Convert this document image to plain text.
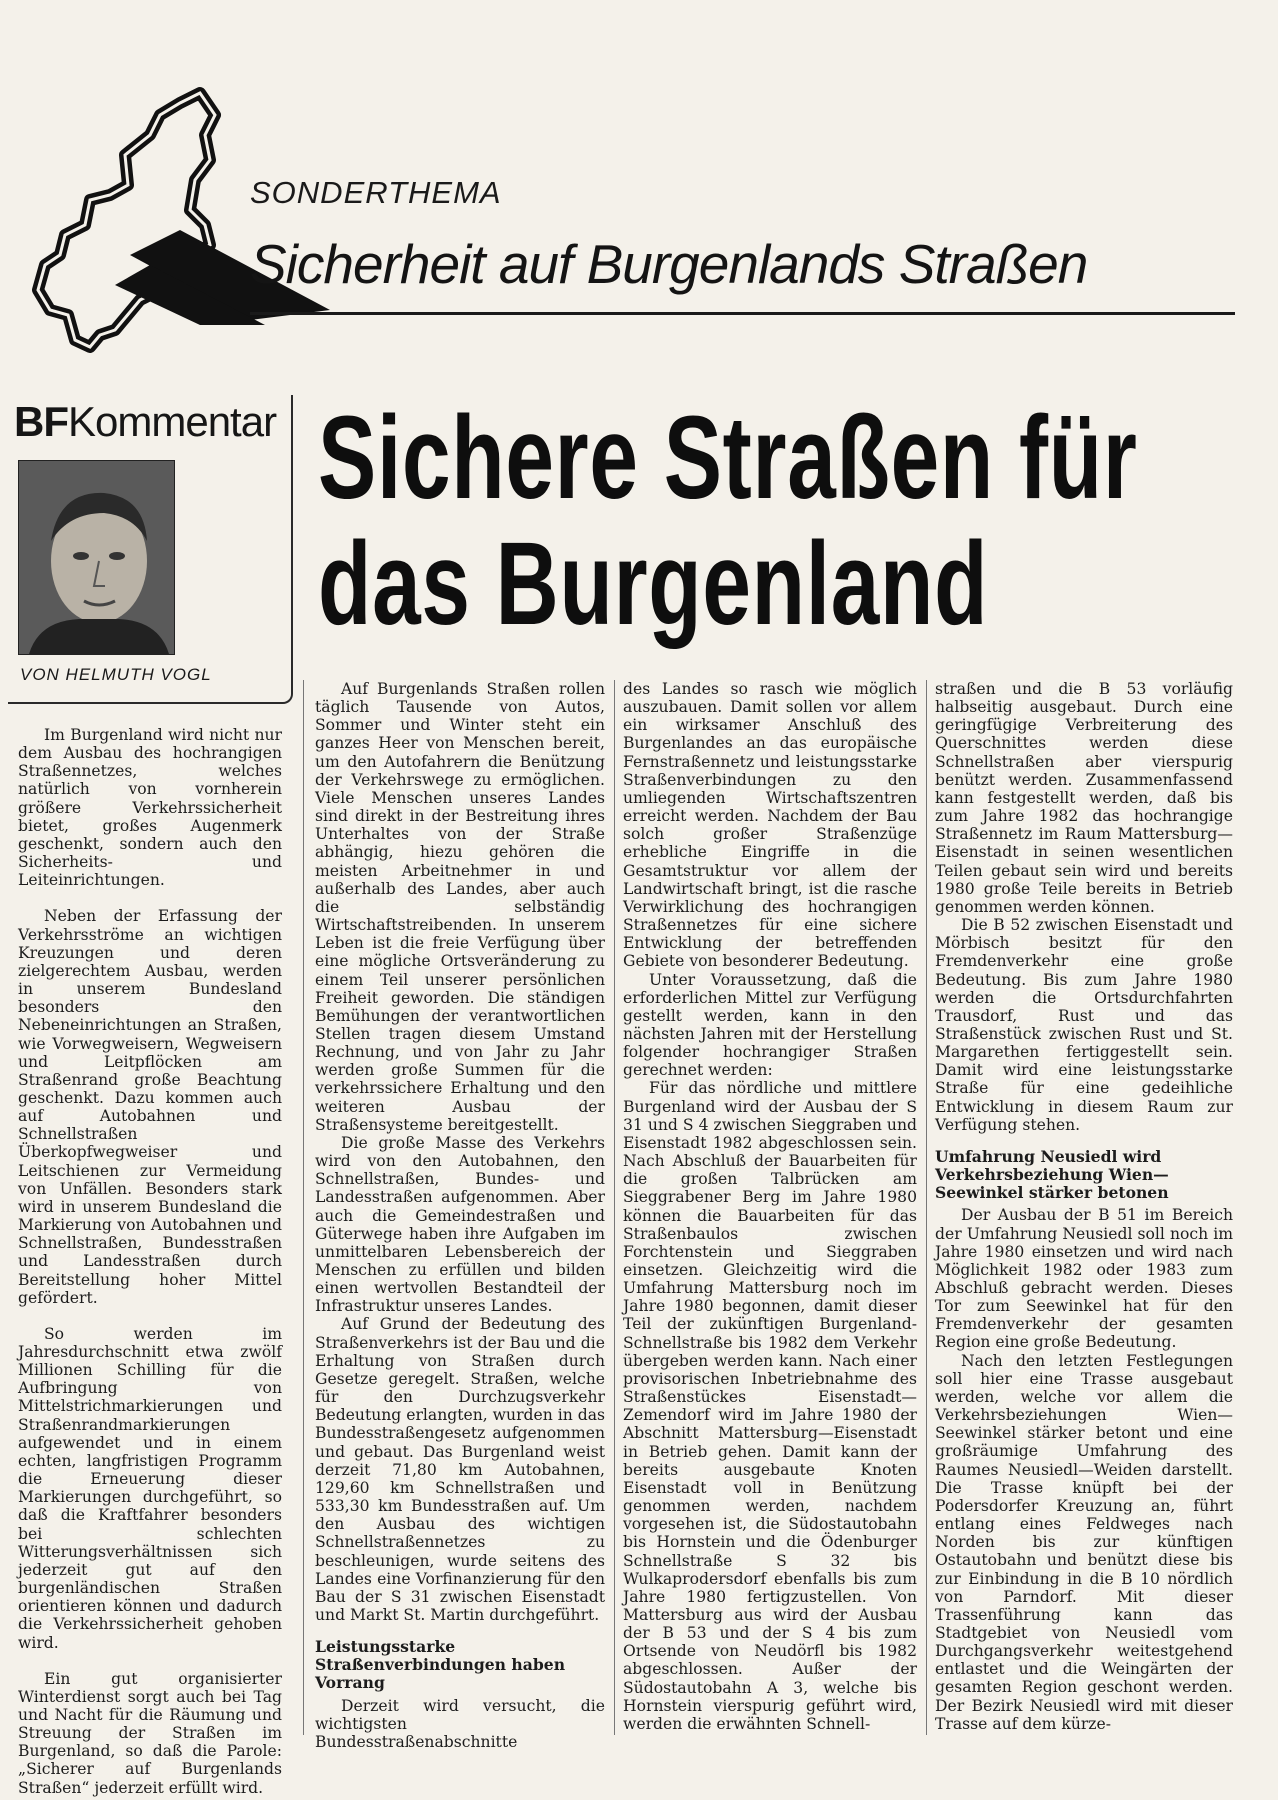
SONDERTHEMA
Sicherheit auf Burgenlands Straßen
BFKommentar
VON HELMUTH VOGL
Sichere Straßen für
das Burgenland

Im Burgenland wird nicht nur dem Ausbau des hochrangigen Straßennetzes, welches natürlich von vornherein größere Verkehrssicherheit bietet, großes Augenmerk geschenkt, sondern auch den Sicherheits- und Leiteinrichtungen.

Neben der Erfassung der Verkehrsströme an wichtigen Kreuzungen und deren zielgerechtem Ausbau, werden in unserem Bundesland besonders den Nebeneinrichtungen an Straßen, wie Vorwegweisern, Wegweisern und Leitpflöcken am Straßenrand große Beachtung geschenkt. Dazu kommen auch auf Autobahnen und Schnellstraßen Überkopfwegweiser und Leitschienen zur Vermeidung von Unfällen. Besonders stark wird in unserem Bundesland die Markierung von Autobahnen und Schnellstraßen, Bundesstraßen und Landesstraßen durch Bereitstellung hoher Mittel gefördert.

So werden im Jahresdurchschnitt etwa zwölf Millionen Schilling für die Aufbringung von Mittelstrichmarkierungen und Straßenrandmarkierungen aufgewendet und in einem echten, langfristigen Programm die Erneuerung dieser Markierungen durchgeführt, so daß die Kraftfahrer besonders bei schlechten Witterungsverhältnissen sich jederzeit gut auf den burgenländischen Straßen orientieren können und dadurch die Verkehrssicherheit gehoben wird.

Ein gut organisierter Winterdienst sorgt auch bei Tag und Nacht für die Räumung und Streuung der Straßen im Burgenland, so daß die Parole: „Sicherer auf Burgenlands Straßen“ jederzeit erfüllt wird.

Auf Burgenlands Straßen rollen täglich Tausende von Autos, Sommer und Winter steht ein ganzes Heer von Menschen bereit, um den Autofahrern die Benützung der Verkehrswege zu ermöglichen. Viele Menschen unseres Landes sind direkt in der Bestreitung ihres Unterhaltes von der Straße abhängig, hiezu gehören die meisten Arbeitnehmer in und außerhalb des Landes, aber auch die selbständig Wirtschaftstreibenden. In unserem Leben ist die freie Verfügung über eine mögliche Ortsveränderung zu einem Teil unserer persönlichen Freiheit geworden. Die ständigen Bemühungen der verantwortlichen Stellen tragen diesem Umstand Rechnung, und von Jahr zu Jahr werden große Summen für die verkehrssichere Erhaltung und den weiteren Ausbau der Straßensysteme bereitgestellt.

Die große Masse des Verkehrs wird von den Autobahnen, den Schnellstraßen, Bundes- und Landesstraßen aufgenommen. Aber auch die Gemeindestraßen und Güterwege haben ihre Aufgaben im unmittelbaren Lebensbereich der Menschen zu erfüllen und bilden einen wertvollen Bestandteil der Infrastruktur unseres Landes.

Auf Grund der Bedeutung des Straßenverkehrs ist der Bau und die Erhaltung von Straßen durch Gesetze geregelt. Straßen, welche für den Durchzugsverkehr Bedeutung erlangten, wurden in das Bundesstraßengesetz aufgenommen und gebaut. Das Burgenland weist derzeit 71,80 km Autobahnen, 129,60 km Schnellstraßen und 533,30 km Bundesstraßen auf. Um den Ausbau des wichtigen Schnellstraßennetzes zu beschleunigen, wurde seitens des Landes eine Vorfinanzierung für den Bau der S 31 zwischen Eisenstadt und Markt St. Martin durchgeführt.

Leistungsstarke Straßenverbindungen haben Vorrang

Derzeit wird versucht, die wichtigsten Bundesstraßenabschnitte

des Landes so rasch wie möglich auszubauen. Damit sollen vor allem ein wirksamer Anschluß des Burgenlandes an das europäische Fernstraßennetz und leistungsstarke Straßenverbindungen zu den umliegenden Wirtschaftszentren erreicht werden. Nachdem der Bau solch großer Straßenzüge erhebliche Eingriffe in die Gesamtstruktur vor allem der Landwirtschaft bringt, ist die rasche Verwirklichung des hochrangigen Straßennetzes für eine sichere Entwicklung der betreffenden Gebiete von besonderer Bedeutung.

Unter Voraussetzung, daß die erforderlichen Mittel zur Verfügung gestellt werden, kann in den nächsten Jahren mit der Herstellung folgender hochrangiger Straßen gerechnet werden:

Für das nördliche und mittlere Burgenland wird der Ausbau der S 31 und S 4 zwischen Sieggraben und Eisenstadt 1982 abgeschlossen sein. Nach Abschluß der Bauarbeiten für die großen Talbrücken am Sieggrabener Berg im Jahre 1980 können die Bauarbeiten für das Straßenbaulos zwischen Forchtenstein und Sieggraben einsetzen. Gleichzeitig wird die Umfahrung Mattersburg noch im Jahre 1980 begonnen, damit dieser Teil der zukünftigen Burgenland-Schnellstraße bis 1982 dem Verkehr übergeben werden kann. Nach einer provisorischen Inbetriebnahme des Straßenstückes Eisenstadt—Zemendorf wird im Jahre 1980 der Abschnitt Mattersburg—Eisenstadt in Betrieb gehen. Damit kann der bereits ausgebaute Knoten Eisenstadt voll in Benützung genommen werden, nachdem vorgesehen ist, die Südostautobahn bis Hornstein und die Ödenburger Schnellstraße S 32 bis Wulkaprodersdorf ebenfalls bis zum Jahre 1980 fertigzustellen. Von Mattersburg aus wird der Ausbau der B 53 und der S 4 bis zum Ortsende von Neudörfl bis 1982 abgeschlossen. Außer der Südostautobahn A 3, welche bis Hornstein vierspurig geführt wird, werden die erwähnten Schnell-

straßen und die B 53 vorläufig halbseitig ausgebaut. Durch eine geringfügige Verbreiterung des Querschnittes werden diese Schnellstraßen aber vierspurig benützt werden. Zusammenfassend kann festgestellt werden, daß bis zum Jahre 1982 das hochrangige Straßennetz im Raum Mattersburg—Eisenstadt in seinen wesentlichen Teilen gebaut sein wird und bereits 1980 große Teile bereits in Betrieb genommen werden können.

Die B 52 zwischen Eisenstadt und Mörbisch besitzt für den Fremdenverkehr eine große Bedeutung. Bis zum Jahre 1980 werden die Ortsdurchfahrten Trausdorf, Rust und das Straßenstück zwischen Rust und St. Margarethen fertiggestellt sein. Damit wird eine leistungsstarke Straße für eine gedeihliche Entwicklung in diesem Raum zur Verfügung stehen.

Umfahrung Neusiedl wird Verkehrsbeziehung Wien—Seewinkel stärker betonen

Der Ausbau der B 51 im Bereich der Umfahrung Neusiedl soll noch im Jahre 1980 einsetzen und wird nach Möglichkeit 1982 oder 1983 zum Abschluß gebracht werden. Dieses Tor zum Seewinkel hat für den Fremdenverkehr der gesamten Region eine große Bedeutung.

Nach den letzten Festlegungen soll hier eine Trasse ausgebaut werden, welche vor allem die Verkehrsbeziehungen Wien—Seewinkel stärker betont und eine großräumige Umfahrung des Raumes Neusiedl—Weiden darstellt. Die Trasse knüpft bei der Podersdorfer Kreuzung an, führt entlang eines Feldweges nach Norden bis zur künftigen Ostautobahn und benützt diese bis zur Einbindung in die B 10 nördlich von Parndorf. Mit dieser Trassenführung kann das Stadtgebiet von Neusiedl vom Durchgangsverkehr weitestgehend entlastet und die Weingärten der gesamten Region geschont werden. Der Bezirk Neusiedl wird mit dieser Trasse auf dem kürze-
